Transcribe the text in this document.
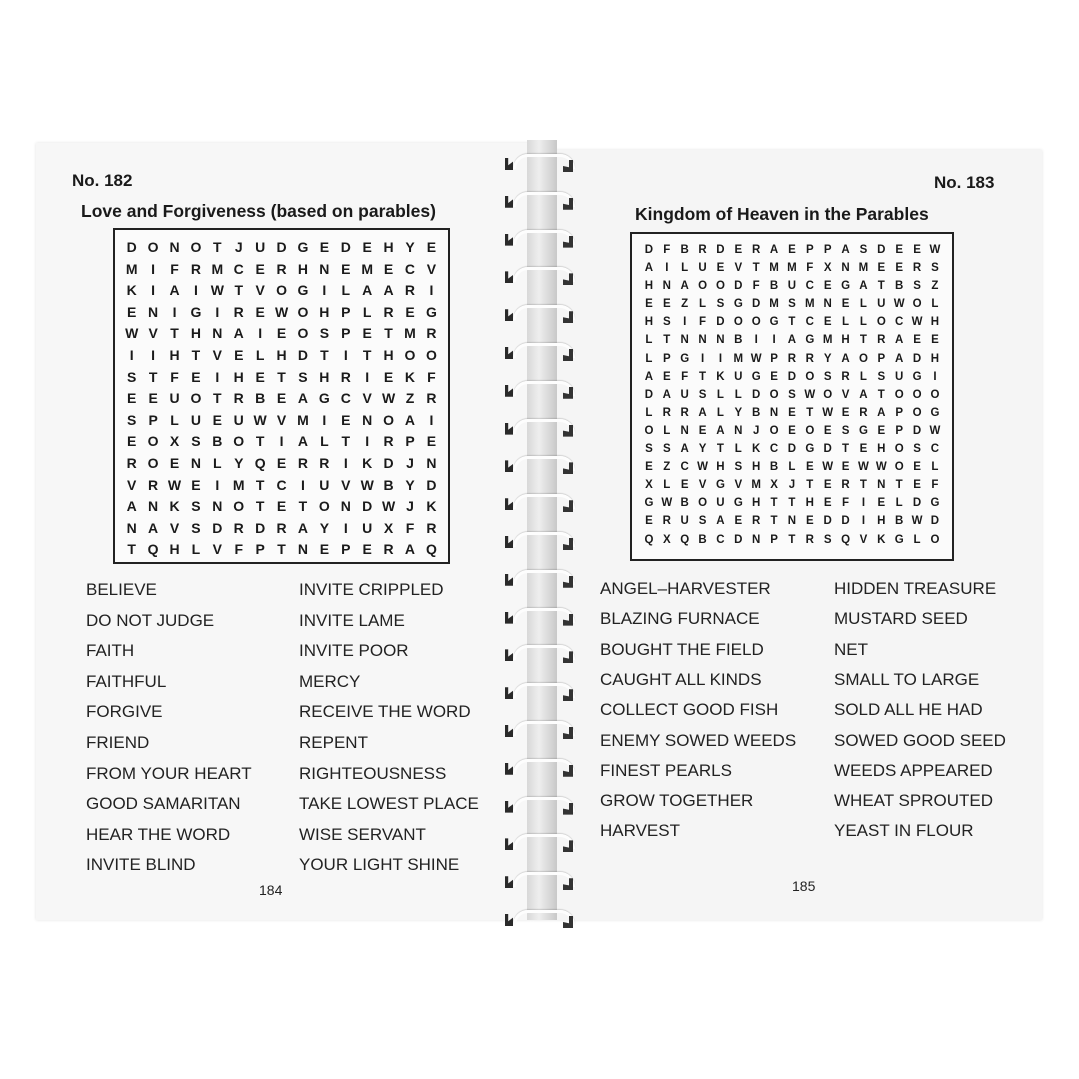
No. 182
Love and Forgiveness (based on parables)
D O N O T J U D G E D E H Y E
M I	F R M C E R H N E M E C V
K	I	A	I W T V O G	I	L A A R	I
E N	I	G	I	R E W O H P L R E G
W V T H N A	I	E O S P E T M R
I	I	H T V E L H D T	I	T H O O
S T F E	I	H E T S H R	I	E K F
E E U O T R B E A G C V W Z R
S P L U E U W V M I	E N O A	I
E O X S B O T	I	A L T	I	R P E
R O E N L Y Q E R R	I	K D J N
V R W E	I M T C	I	U V W B Y D
A N K S N O T E T O N D W J K
N A V S D R D R A Y	I	U X F R
T Q H L V F P T N E P E R A Q
BELIEVE
DO NOT JUDGE
FAITH
FAITHFUL
FORGIVE
FRIEND
FROM YOUR HEART
GOOD SAMARITAN
HEAR THE WORD
INVITE BLIND
INVITE CRIPPLED
INVITE LAME
INVITE POOR
MERCY
RECEIVE THE WORD
REPENT
RIGHTEOUSNESS
TAKE LOWEST PLACE
WISE SERVANT
YOUR LIGHT SHINE
184
No. 183
Kingdom of Heaven in the Parables
D F B R D E R A E P P A S D E E W
A	I	L U E V T M M F X N M E E R S
H N A O O D F B U C E G A T B S Z
E E Z L S G D M S M N E L U W O L
H S	I	F D O O G T C E L L O C W H
L T N N N B	I	I	A G M H T R A E E
L P G	I	I M W P R R Y A O P A D H
A E F T K U G E D O S R L S U G	I
D A U S L L D O S W O V A T O O O
L R R A L Y B N E T W E R A P O G
O L N E A N J O E O E S G E P D W
S S A Y T L K C D G D T E H O S C
E Z C W H S H B L E W E W W O E L
X L E V G V M X J T E R T N T E F
G W B O U G H T T H E F	I	E L D G
E R U S A E R T N E D D	I	H B W D
Q X Q B C D N P T R S Q V K G L O
ANGEL–HARVESTER
BLAZING FURNACE
BOUGHT THE FIELD
CAUGHT ALL KINDS
COLLECT GOOD FISH
ENEMY SOWED WEEDS
FINEST PEARLS
GROW TOGETHER
HARVEST
HIDDEN TREASURE
MUSTARD SEED
NET
SMALL TO LARGE
SOLD ALL HE HAD
SOWED GOOD SEED
WEEDS APPEARED
WHEAT SPROUTED
YEAST IN FLOUR
185
